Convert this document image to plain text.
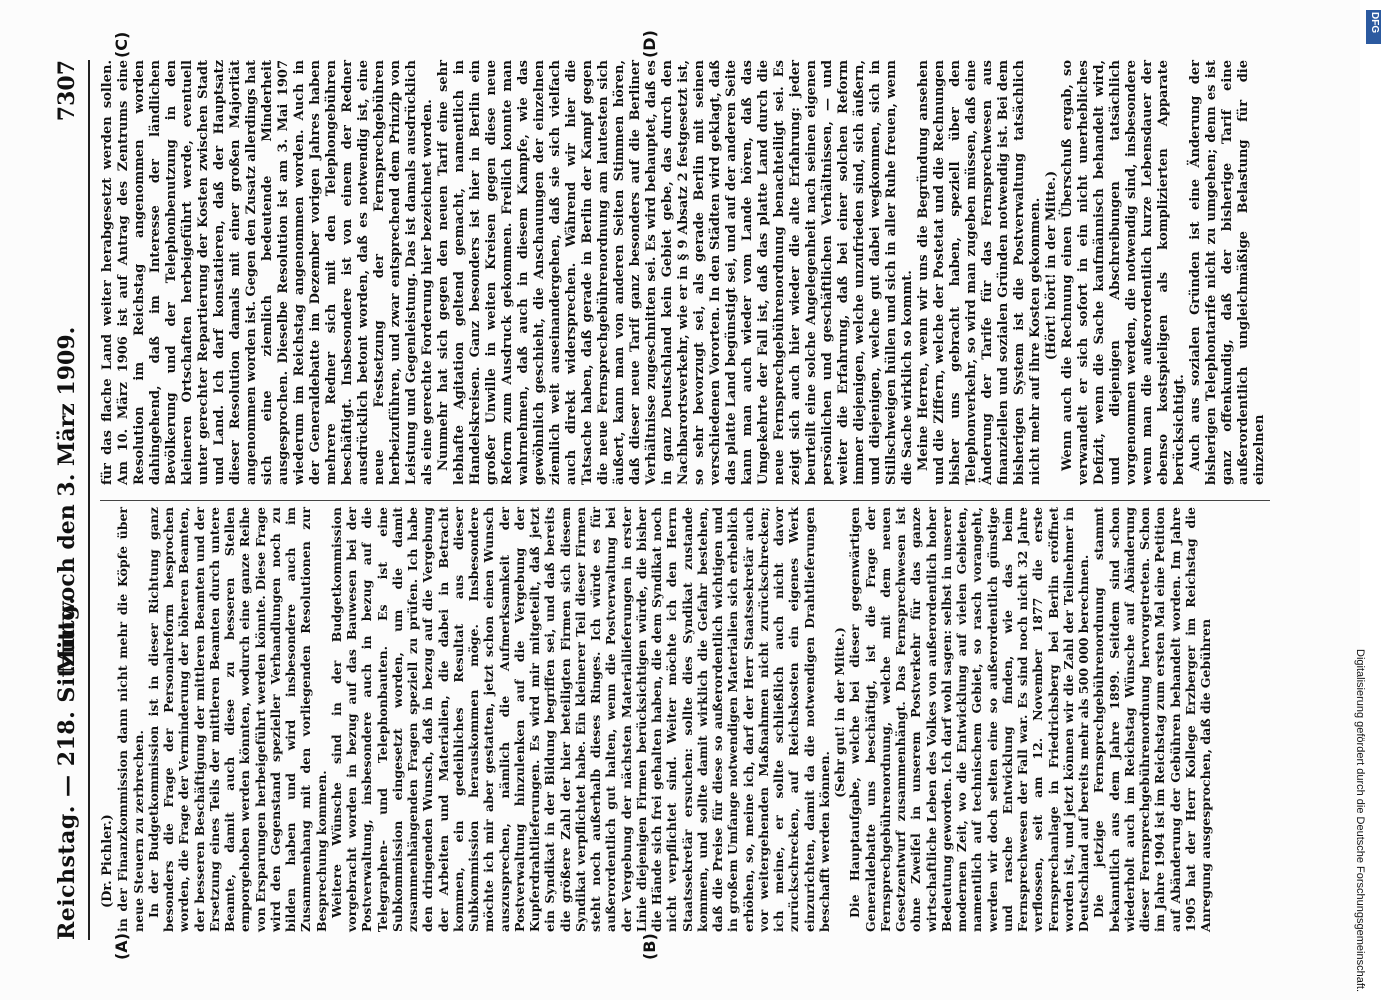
Reichstag. — 218. Sitzung.
Mittwoch den 3. März 1909.
7307
(A)	(B)
(C)	(D)
(Dr. Pichler.) in der Finanzkommission dann nicht mehr die Köpfe über neue Steuern zu zerbrechen. In der Budgetkommission ist in dieser Richtung ganz besonders die Frage der Personalreform besprochen worden, die Frage der Verminderung der höheren Beamten, der besseren Beschäftigung der mittleren Beamten und der Ersetzung eines Teils der mittleren Beamten durch untere Beamte, damit auch diese zu besseren Stellen emporgehoben werden könnten, wodurch eine ganze Reihe von Ersparungen herbeigeführt werden könnte. Diese Frage wird den Gegenstand spezieller Verhandlungen noch zu bilden haben und wird insbesondere auch im Zusammenhang mit den vorliegenden Resolutionen zur Besprechung kommen. Weitere Wünsche sind in der Budgetkommission vorgebracht worden in bezug auf das Bauwesen bei der Postverwaltung, insbesondere auch in bezug auf die Telegraphen- und Telephonbauten. Es ist eine Subkommission eingesetzt worden, um die damit zusammenhängenden Fragen speziell zu prüfen. Ich habe den dringenden Wunsch, daß in bezug auf die Vergebung der Arbeiten und Materialien, die dabei in Betracht kommen, ein gedeihliches Resultat aus dieser Subkommission herauskommen möge. Insbesondere möchte ich mir aber gestatten, jetzt schon einen Wunsch auszusprechen, nämlich die Aufmerksamkeit der Postverwaltung hinzulenken auf die Vergebung der Kupferdrahtlieferungen. Es wird mir mitgeteilt, daß jetzt ein Syndikat in der Bildung begriffen sei, und daß bereits die größere Zahl der hier beteiligten Firmen sich diesem Syndikat verpflichtet habe. Ein kleinerer Teil dieser Firmen steht noch außerhalb dieses Ringes. Ich würde es für außerordentlich gut halten, wenn die Postverwaltung bei der Vergebung der nächsten Materiallieferungen in erster Linie diejenigen Firmen berücksichtigen würde, die bisher die Hände sich frei gehalten haben, die dem Syndikat noch nicht verpflichtet sind. Weiter möchte ich den Herrn Staatssekretär ersuchen: sollte dies Syndikat zustande kommen, und sollte damit wirklich die Gefahr bestehen, daß die Preise für diese so außerordentlich wichtigen und in großem Umfange notwendigen Materialien sich erheblich erhöhen, so, meine ich, darf der Herr Staatssekretär auch vor weitergehenden Maßnahmen nicht zurückschrecken; ich meine, er sollte schließlich auch nicht davor zurückschrecken, auf Reichskosten ein eigenes Werk einzurichten, damit da die notwendigen Drahtlieferungen beschafft werden können.

(Sehr gut! in der Mitte.) Die Hauptaufgabe, welche bei dieser gegenwärtigen Generaldebatte uns beschäftigt, ist die Frage der Fernsprechgebührenordnung, welche mit dem neuen Gesetzentwurf zusammenhängt. Das Fernsprechwesen ist ohne Zweifel in unserem Postverkehr für das ganze wirtschaftliche Leben des Volkes von außerordentlich hoher Bedeutung geworden. Ich darf wohl sagen: selbst in unserer modernen Zeit, wo die Entwicklung auf vielen Gebieten, namentlich auf technischem Gebiet, so rasch vorangeht, werden wir doch selten eine so außerordentlich günstige und rasche Entwicklung finden, wie das beim Fernsprechwesen der Fall war. Es sind noch nicht 32 Jahre verflossen, seit am 12. November 1877 die erste Fernsprechanlage in Friedrichsberg bei Berlin eröffnet worden ist, und jetzt können wir die Zahl der Teilnehmer in Deutschland auf bereits mehr als 500 000 berechnen. Die jetzige Fernsprechgebührenordnung stammt bekanntlich aus dem Jahre 1899. Seitdem sind schon wiederholt auch im Reichstag Wünsche auf Abänderung dieser Fernsprechgebührenordnung hervorgetreten. Schon im Jahre 1904 ist im Reichstag zum ersten Mal eine Petition auf Abänderung der Gebühren behandelt worden. Im Jahre 1905 hat der Herr Kollege Erzberger im Reichstag die Anregung ausgesprochen, daß die Gebühren

für das flache Land weiter herabgesetzt werden sollen. Am 10. März 1906 ist auf Antrag des Zentrums eine Resolution im Reichstag angenommen worden dahingehend, daß im Interesse der ländlichen Bevölkerung und der Telephonbenutzung in den kleineren Ortschaften herbeigeführt werde, eventuell unter gerechter Repartierung der Kosten zwischen Stadt und Land. Ich darf konstatieren, daß der Hauptsatz dieser Resolution damals mit einer großen Majorität angenommen worden ist. Gegen den Zusatz allerdings hat sich eine ziemlich bedeutende Minderheit ausgesprochen. Dieselbe Resolution ist am 3. Mai 1907 wiederum im Reichstag angenommen worden. Auch in der Generaldebatte im Dezember vorigen Jahres haben mehrere Redner sich mit den Telephongebühren beschäftigt. Insbesondere ist von einem der Redner ausdrücklich betont worden, daß es notwendig ist, eine neue Festsetzung der Fernsprechgebühren herbeizuführen, und zwar entsprechend dem Prinzip von Leistung und Gegenleistung. Das ist damals ausdrücklich als eine gerechte Forderung hier bezeichnet worden. Nunmehr hat sich gegen den neuen Tarif eine sehr lebhafte Agitation geltend gemacht, namentlich in Handelskreisen. Ganz besonders ist hier in Berlin ein großer Unwille in weiten Kreisen gegen diese neue Reform zum Ausdruck gekommen. Freilich konnte man wahrnehmen, daß auch in diesem Kampfe, wie das gewöhnlich geschieht, die Anschauungen der einzelnen ziemlich weit auseinandergehen, daß sie sich vielfach auch direkt widersprechen. Während wir hier die Tatsache haben, daß gerade in Berlin der Kampf gegen die neue Fernsprechgebührenordnung am lautesten sich äußert, kann man von anderen Seiten Stimmen hören, daß dieser neue Tarif ganz besonders auf die Berliner Verhältnisse zugeschnitten sei. Es wird behauptet, daß es in ganz Deutschland kein Gebiet gebe, das durch den Nachbarortsverkehr, wie er in § 9 Absatz 2 festgesetzt ist, so sehr bevorzugt sei, als gerade Berlin mit seinen verschiedenen Vororten. In den Städten wird geklagt, daß das platte Land begünstigt sei, und auf der anderen Seite kann man auch wieder vom Lande hören, daß das Umgekehrte der Fall ist, daß das platte Land durch die neue Fernsprechgebührenordnung benachteiligt sei. Es zeigt sich auch hier wieder die alte Erfahrung: jeder beurteilt eine solche Angelegenheit nach seinen eigenen persönlichen und geschäftlichen Verhältnissen, — und weiter die Erfahrung, daß bei einer solchen Reform immer diejenigen, welche unzufrieden sind, sich äußern, und diejenigen, welche gut dabei wegkommen, sich in Stillschweigen hüllen und sich in aller Ruhe freuen, wenn die Sache wirklich so kommt. Meine Herren, wenn wir uns die Begründung ansehen und die Ziffern, welche der Postetat und die Rechnungen bisher uns gebracht haben, speziell über den Telephonverkehr, so wird man zugeben müssen, daß eine Änderung der Tarife für das Fernsprechwesen aus finanziellen und sozialen Gründen notwendig ist. Bei dem bisherigen System ist die Postverwaltung tatsächlich nicht mehr auf ihre Kosten gekommen. (Hört! hört! in der Mitte.) Wenn auch die Rechnung einen Überschuß ergab, so verwandelt er sich sofort in ein nicht unerhebliches Defizit, wenn die Sache kaufmännisch behandelt wird, und diejenigen Abschreibungen tatsächlich vorgenommen werden, die notwendig sind, insbesondere wenn man die außerordentlich kurze Lebensdauer der ebenso kostspieligen als komplizierten Apparate berücksichtigt. Auch aus sozialen Gründen ist eine Änderung der bisherigen Telephontarife nicht zu umgehen; denn es ist ganz offenkundig, daß der bisherige Tarif eine außerordentlich ungleichmäßige Belastung für die einzelnen

DFG
Digitalisierung gefördert durch die Deutsche Forschungsgemeinschaft.
